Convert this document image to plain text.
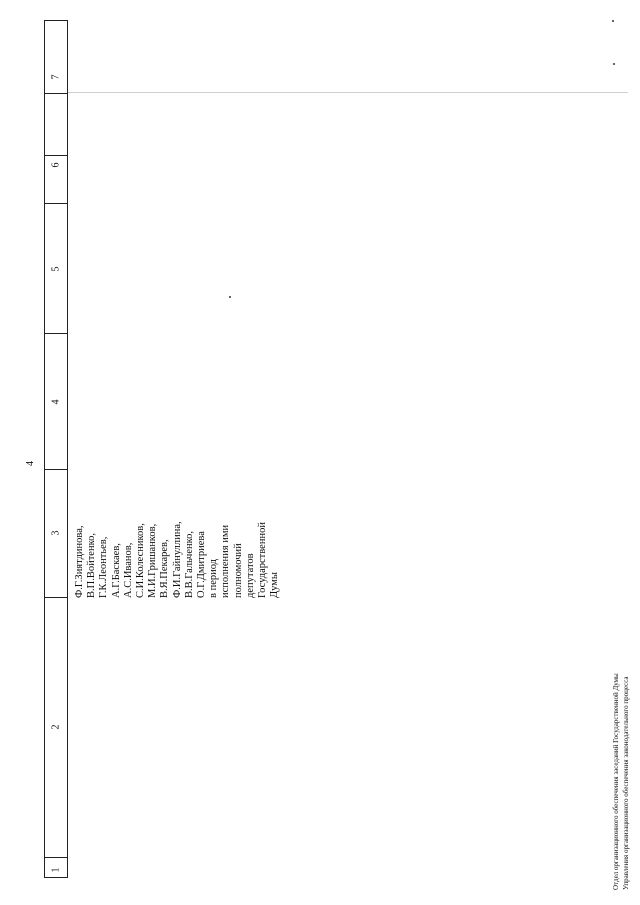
1
2
3
4
5
6
7
4
Ф.Г.Зиятдинова, В.П.Войтенко, Г.К.Леонтьев, А.Г.Баскаев, А.С.Иванов, С.И.Колесников, М.И.Гришанков, В.Я.Пекарев, Ф.И.Гайнуллина, В.В.Гальченко, О.Г.Дмитриева в период исполнения ими полномочий депутатов Государственной Думы
Отдел организационного обеспечения заседаний Государственной Думы Управления организационного обеспечения законодательного процесса
